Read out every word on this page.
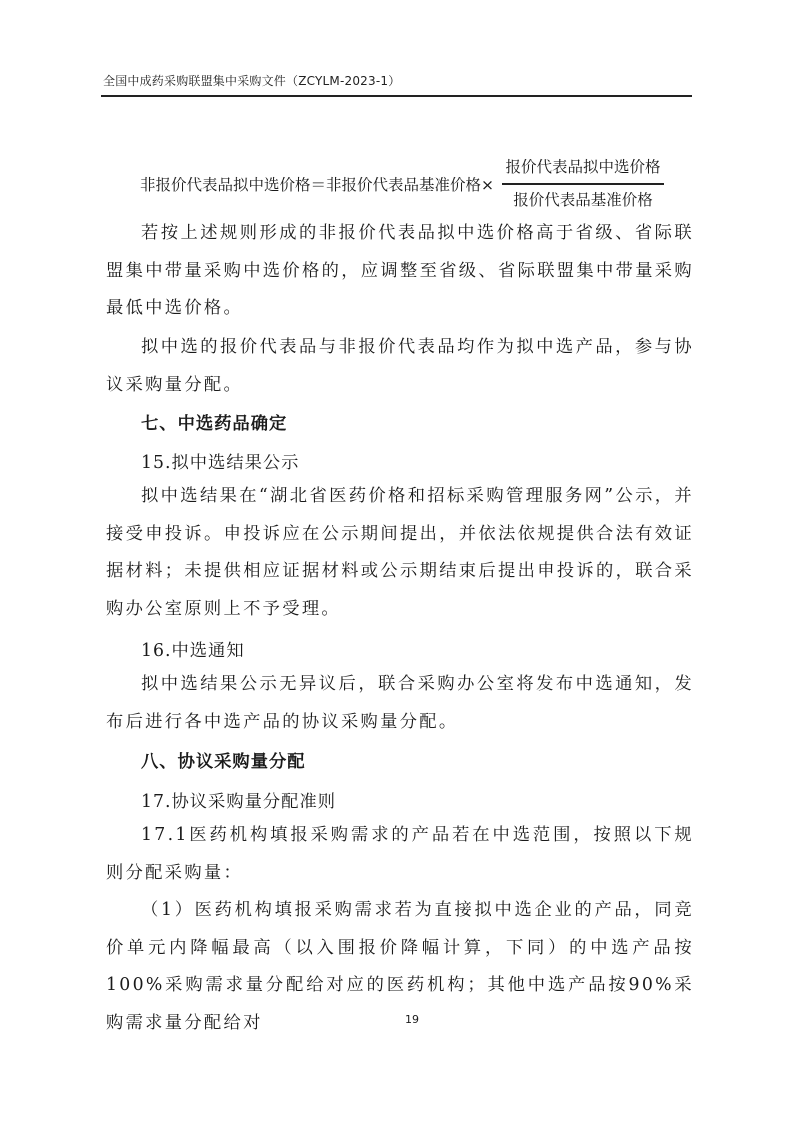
全国中成药采购联盟集中采购文件（ZCYLM-2023-1）
非报价代表品拟中选价格＝非报价代表品基准价格×
报价代表品拟中选价格
报价代表品基准价格
若按上述规则形成的非报价代表品拟中选价格高于省级、省际联盟集中带量采购中选价格的，应调整至省级、省际联盟集中带量采购最低中选价格。
拟中选的报价代表品与非报价代表品均作为拟中选产品，参与协议采购量分配。
七、中选药品确定
15.拟中选结果公示
拟中选结果在“湖北省医药价格和招标采购管理服务网”公示，并接受申投诉。申投诉应在公示期间提出，并依法依规提供合法有效证据材料；未提供相应证据材料或公示期结束后提出申投诉的，联合采购办公室原则上不予受理。
16.中选通知
拟中选结果公示无异议后，联合采购办公室将发布中选通知，发布后进行各中选产品的协议采购量分配。
八、协议采购量分配
17.协议采购量分配准则
17.1医药机构填报采购需求的产品若在中选范围，按照以下规则分配采购量：
（1）医药机构填报采购需求若为直接拟中选企业的产品，同竞价单元内降幅最高（以入围报价降幅计算，下同）的中选产品按100%采购需求量分配给对应的医药机构；其他中选产品按90%采购需求量分配给对	19
